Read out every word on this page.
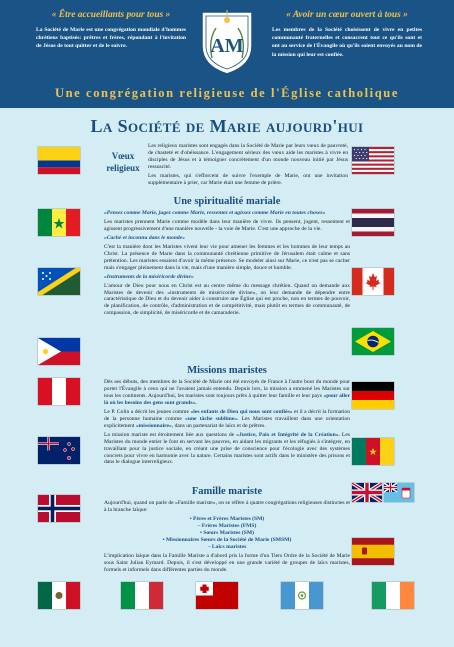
« Être accueillants pour tous »
La Société de Marie est une congrégation mondiale d'hommes chrétiens baptisés: prêtres et frères, répondant à l'invitation de Jésus de tout quitter et de le suivre.	AM
« Avoir un cœur ouvert à tous »
Les membres de la Société choisissent de vivre en petites communauté fraternelles et consacrent tout ce qu'ils sont et ont au service de l'Évangile où qu'ils soient envoyés au nom de la mission qui leur est confiée.
Une congrégation religieuse de l'Église catholique
La Société de Marie aujourd'hui
Vœux
religieux

Les religieux maristes sont engagés dans la Société de Marie par leurs vœux de pauvreté, de chasteté et d'obéissance. L'engagement sérieux des vœux aide les maristes à vivre en disciples de Jésus et à témoigner concrètement d'un monde nouveau initié par Jésus ressuscité.

Les maristes, qui s'efforcent de suivre l'exemple de Marie, ont une invitation supplémentaire à prier, car Marie était une femme de prière.

Une spiritualité mariale

«Pensez comme Marie, jugez comme Marie, ressentez et agissez comme Marie en toutes choses»

Les maristes prennent Marie comme modèle dans leur manière de vivre. Ils pensent, jugent, ressentent et agissent progressivement d'une manière nouvelle - la voie de Marie. C'est une approche de la vie.

«Caché et inconnu dans le monde»

C'est la manière dont les Maristes vivent leur vie pour amener les femmes et les hommes de leur temps au Christ. La présence de Marie dans la communauté chrétienne primitive de Jérusalem était calme et sans prétention. Les maristes essaient d'avoir la même présence. Se modeler ainsi sur Marie, ce n'est pas se cacher mais s'engager pleinement dans la vie, mais d'une manière simple, douce et humble.

«Instruments de la miséricorde divine»

L'amour de Dieu pour nous en Christ est au centre même du message chrétien. Quand on demande aux Maristes de devenir des «instruments de miséricorde divine», on leur demande de dépendre entre caractéristique de Dieu et du devenir aider à construire une Église qui est proche, non en termes de pouvoir, de planification, de contrôle, d'administration et de compétitivité, mais plutôt en termes de communauté, de compassion, de simplicité, de miséricorde et de camaraderie.

Missions maristes

Dès ses débuts, des membres de la Société de Marie ont été envoyés de France à l'autre bout du monde pour porter l'Évangile à ceux qui ne l'avaient jamais entendu. Depuis lors, la mission a emmené les Maristes sur tous les continents. Aujourd'hui, les maristes sont toujours prêts à quitter leur famille et leur pays «pour aller là où les besoins des gens sont grands».

Le P. Colin a décrit les jeunes comme «les enfants de Dieu qui nous sont confiés» et il a décrit la formation de la personne humaine comme «une tâche sublime». Les Maristes travaillent dans une orientation explicitement «missionnaire», dans un partenariat de laïcs et de prêtres.

La mission mariste est étroitement liée aux questions de «Justice, Paix et Intégrité de la Création». Les Maristes du monde entier le font en servant les pauvres, en aidant les migrants et les réfugiés à s'intégrer, en travaillant pour la justice sociale, en créant une prise de conscience pour l'écologie avec des systèmes concrets pour vivre en harmonie avec la nature. Certains maristes sont actifs dans le ministère des prisons et dans le dialogue interreligieux.

Famille mariste

Aujourd'hui, quand on parle de «Famille mariste», on se réfère à quatre congrégations religieuses distinctes et à la branche laïque:

• Pères et Frères Maristes (SM)

– Frères Maristes (FMS)

• Sœurs Maristes (SM)

• Missionnaires Sœurs de la Société de Marie (SMSM)

– Laïcs maristes

L'implication laïque dans la Famille Mariste a d'abord pris la forme d'un Tiers Ordre de la Société de Marie sous Saint Julian Eymard. Depuis, il s'est développé en une grande variété de groupes de laïcs maristes, formels et informels dans différentes parties du monde.
